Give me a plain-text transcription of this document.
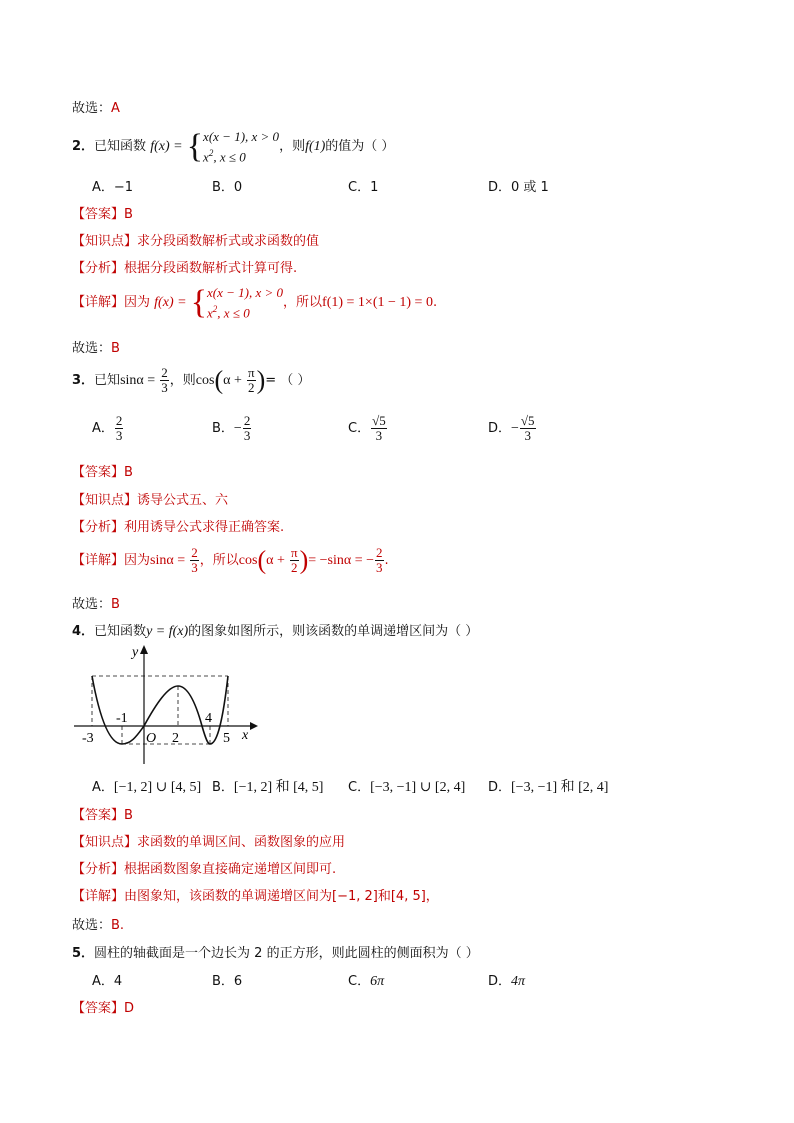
故选：A
2．已知函数 f(x) = { x(x − 1), x > 0
$x^2$, x ≤ 0
，则f(1)的值为（ ）
A．−1	B．0	C．1	D．0 或 1
【答案】B
【知识点】求分段函数解析式或求函数的值
【分析】根据分段函数解析式计算可得.
【详解】因为 f(x) = { x(x − 1), x > 0
$x^2$, x ≤ 0
，所以f(1) = 1×(1 − 1) = 0.
故选：B
3．已知$\sin\alpha = \frac{2}{3}$ ，则$\cos(\alpha + \frac{\pi}{2}$ )= （ ）
A． $\frac{2}{3}$	B．− $\frac{2}{3}$	C． $\frac{√5}{3}$	D．− $\frac{√5}{3}$
【答案】B
【知识点】诱导公式五、六
【分析】利用诱导公式求得正确答案.
【详解】因为$\sin\alpha = \frac{2}{3}$ ，所以$\cos(\alpha + \frac{\pi}{2}$ )= −sinα = − $\frac{2}{3}$ .
故选：B
4．已知函数y = f(x)的图象如图所示，则该函数的单调递增区间为（ ）
y
x
O
-3
-1
2
4
5
A．[−1, 2] ∪ [4, 5] B．[−1, 2] 和 [4, 5] C．[−3, −1] ∪ [2, 4] D．[−3, −1] 和 [2, 4]
【答案】B
【知识点】求函数的单调区间、函数图象的应用
【分析】根据函数图象直接确定递增区间即可.
【详解】由图象知，该函数的单调递增区间为[−1, 2]和[4, 5]，
故选：B.
5．圆柱的轴截面是一个边长为 2 的正方形，则此圆柱的侧面积为（ ）
A．4	B．6	C．6π	D．4π
【答案】D
